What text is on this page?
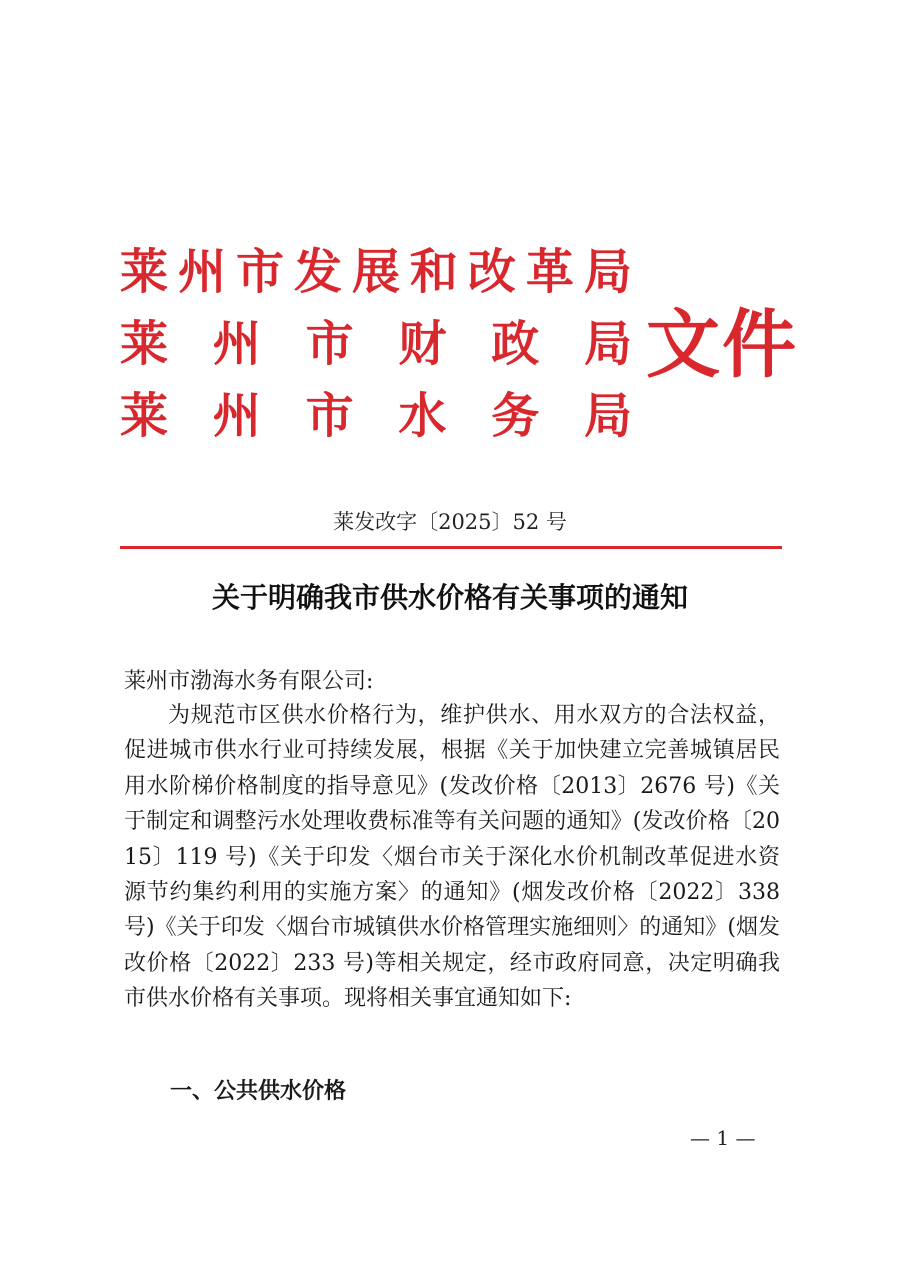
莱 州 市 发 展 和 改 革 局
莱 州 市 财 政 局
莱 州 市 水 务 局
文件
莱发改字〔2025〕52 号
关于明确我市供水价格有关事项的通知
莱州市渤海水务有限公司:
为规范市区供水价格行为，维护供水、用水双方的合法权益，促进城市供水行业可持续发展，根据《关于加快建立完善城镇居民用水阶梯价格制度的指导意见》(发改价格〔2013〕2676 号)《关于制定和调整污水处理收费标准等有关问题的通知》(发改价格〔2015〕119 号)《关于印发〈烟台市关于深化水价机制改革促进水资源节约集约利用的实施方案〉的通知》(烟发改价格〔2022〕338 号)《关于印发〈烟台市城镇供水价格管理实施细则〉的通知》(烟发改价格〔2022〕233 号)等相关规定，经市政府同意，决定明确我市供水价格有关事项。现将相关事宜通知如下:
一、公共供水价格
— 1 —
